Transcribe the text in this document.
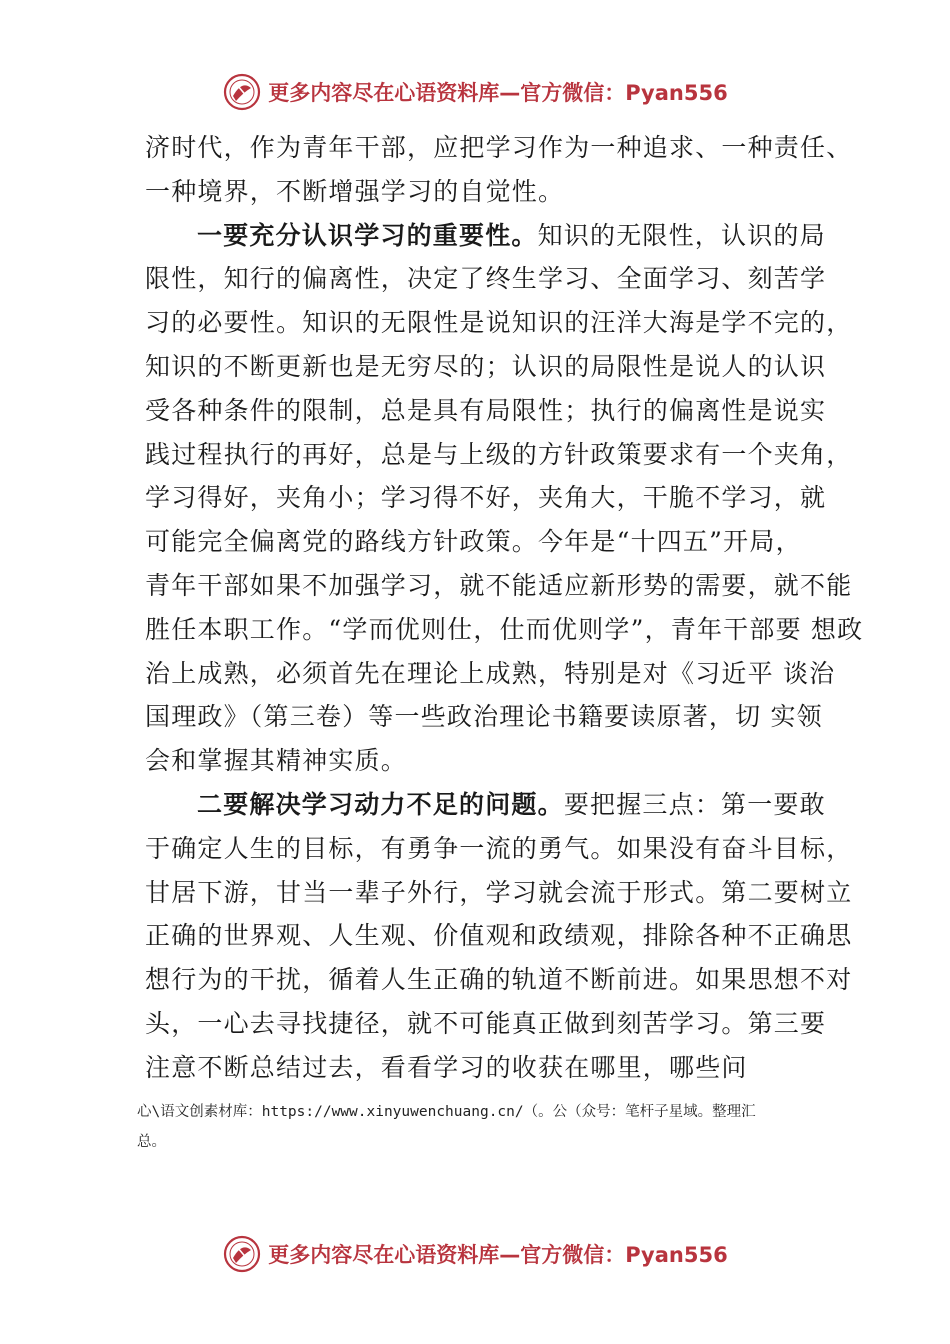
更多内容尽在心语资料库—官方微信：Pyan556
济时代，作为青年干部，应把学习作为一种追求、一种责任、
一种境界，不断增强学习的自觉性。
一要充分认识学习的重要性。知识的无限性，认识的局
限性，知行的偏离性，决定了终生学习、全面学习、刻苦学
习的必要性。知识的无限性是说知识的汪洋大海是学不完的，
知识的不断更新也是无穷尽的；认识的局限性是说人的认识
受各种条件的限制，总是具有局限性；执行的偏离性是说实
践过程执行的再好，总是与上级的方针政策要求有一个夹角，
学习得好，夹角小；学习得不好，夹角大，干脆不学习，就
可能完全偏离党的路线方针政策。今年是“十四五”开局，
青年干部如果不加强学习，就不能适应新形势的需要，就不能
胜任本职工作。“学而优则仕，仕而优则学”，青年干部要 想政
治上成熟，必须首先在理论上成熟，特别是对《习近平 谈治
国理政》（第三卷）等一些政治理论书籍要读原著，切 实领
会和掌握其精神实质。
二要解决学习动力不足的问题。要把握三点：第一要敢
于确定人生的目标，有勇争一流的勇气。如果没有奋斗目标，
甘居下游，甘当一辈子外行，学习就会流于形式。第二要树立
正确的世界观、人生观、价值观和政绩观，排除各种不正确思
想行为的干扰，循着人生正确的轨道不断前进。如果思想不对
头，一心去寻找捷径，就不可能真正做到刻苦学习。第三要
注意不断总结过去，看看学习的收获在哪里，哪些问
心\语文创素材库：https://www.xinyuwenchuang.cn/（。公（众号：笔杆子星域。整理汇
总。
更多内容尽在心语资料库—官方微信：Pyan556
